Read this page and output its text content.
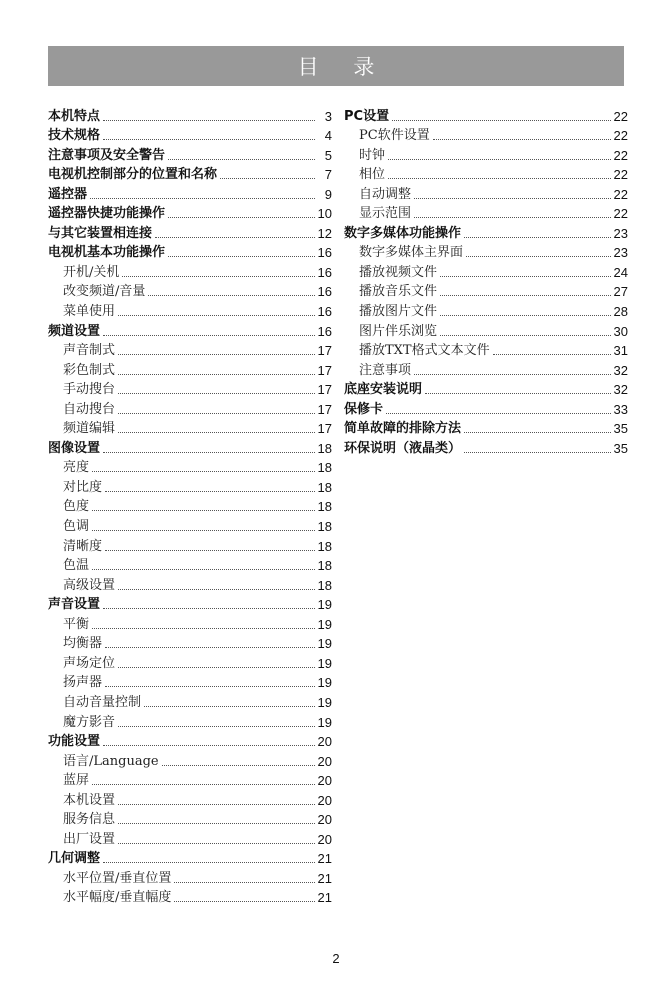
目 录
本机特点	3
技术规格	4
注意事项及安全警告	5
电视机控制部分的位置和名称	7
遥控器	9
遥控器快捷功能操作	10
与其它装置相连接	12
电视机基本功能操作	16
开机/关机	16
改变频道/音量	16
菜单使用	16
频道设置	16
声音制式	17
彩色制式	17
手动搜台	17
自动搜台	17
频道编辑	17
图像设置	18
亮度	18
对比度	18
色度	18
色调	18
清晰度	18
色温	18
高级设置	18
声音设置	19
平衡	19
均衡器	19
声场定位	19
扬声器	19
自动音量控制	19
魔方影音	19
功能设置	20
语言/Language	20
蓝屏	20
本机设置	20
服务信息	20
出厂设置	20
几何调整	21
水平位置/垂直位置	21
水平幅度/垂直幅度	21
PC设置	22
PC软件设置	22
时钟	22
相位	22
自动调整	22
显示范围	22
数字多媒体功能操作	23
数字多媒体主界面	23
播放视频文件	24
播放音乐文件	27
播放图片文件	28
图片伴乐浏览	30
播放TXT格式文本文件	31
注意事项	32
底座安装说明	32
保修卡	33
简单故障的排除方法	35
环保说明（液晶类）	35
2
